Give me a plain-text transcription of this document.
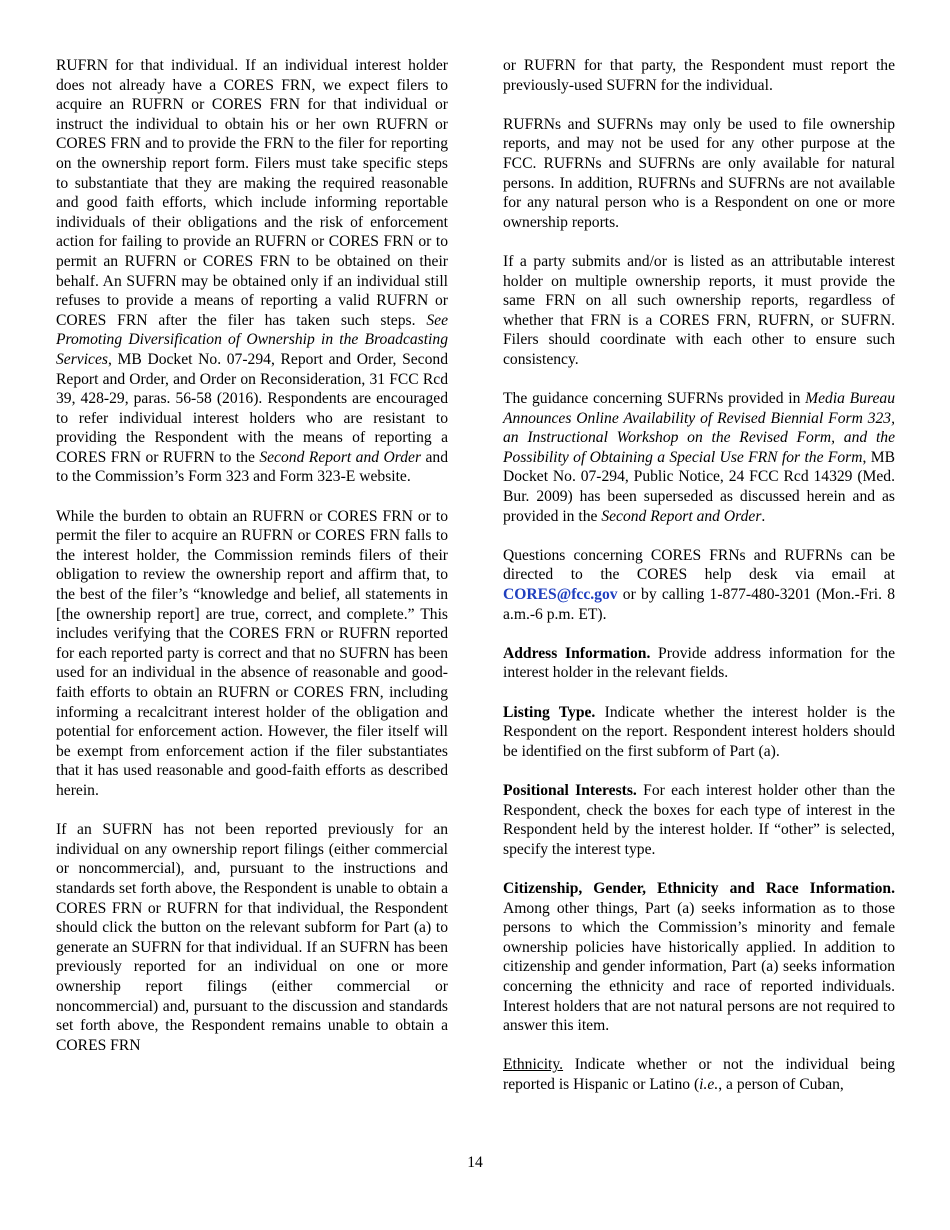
RUFRN for that individual. If an individual interest holder does not already have a CORES FRN, we expect filers to acquire an RUFRN or CORES FRN for that individual or instruct the individual to obtain his or her own RUFRN or CORES FRN and to provide the FRN to the filer for reporting on the ownership report form. Filers must take specific steps to substantiate that they are making the required reasonable and good faith efforts, which include informing reportable individuals of their obligations and the risk of enforcement action for failing to provide an RUFRN or CORES FRN or to permit an RUFRN or CORES FRN to be obtained on their behalf. An SUFRN may be obtained only if an individual still refuses to provide a means of reporting a valid RUFRN or CORES FRN after the filer has taken such steps. See Promoting Diversification of Ownership in the Broadcasting Services, MB Docket No. 07-294, Report and Order, Second Report and Order, and Order on Reconsideration, 31 FCC Rcd 39, 428-29, paras. 56-58 (2016). Respondents are encouraged to refer individual interest holders who are resistant to providing the Respondent with the means of reporting a CORES FRN or RUFRN to the Second Report and Order and to the Commission’s Form 323 and Form 323-E website.

While the burden to obtain an RUFRN or CORES FRN or to permit the filer to acquire an RUFRN or CORES FRN falls to the interest holder, the Commission reminds filers of their obligation to review the ownership report and affirm that, to the best of the filer’s “knowledge and belief, all statements in [the ownership report] are true, correct, and complete.” This includes verifying that the CORES FRN or RUFRN reported for each reported party is correct and that no SUFRN has been used for an individual in the absence of reasonable and good-faith efforts to obtain an RUFRN or CORES FRN, including informing a recalcitrant interest holder of the obligation and potential for enforcement action. However, the filer itself will be exempt from enforcement action if the filer substantiates that it has used reasonable and good-faith efforts as described herein.

If an SUFRN has not been reported previously for an individual on any ownership report filings (either commercial or noncommercial), and, pursuant to the instructions and standards set forth above, the Respondent is unable to obtain a CORES FRN or RUFRN for that individual, the Respondent should click the button on the relevant subform for Part (a) to generate an SUFRN for that individual. If an SUFRN has been previously reported for an individual on one or more ownership report filings (either commercial or noncommercial) and, pursuant to the discussion and standards set forth above, the Respondent remains unable to obtain a CORES FRN

or RUFRN for that party, the Respondent must report the previously-used SUFRN for the individual.

RUFRNs and SUFRNs may only be used to file ownership reports, and may not be used for any other purpose at the FCC. RUFRNs and SUFRNs are only available for natural persons. In addition, RUFRNs and SUFRNs are not available for any natural person who is a Respondent on one or more ownership reports.

If a party submits and/or is listed as an attributable interest holder on multiple ownership reports, it must provide the same FRN on all such ownership reports, regardless of whether that FRN is a CORES FRN, RUFRN, or SUFRN. Filers should coordinate with each other to ensure such consistency.

The guidance concerning SUFRNs provided in Media Bureau Announces Online Availability of Revised Biennial Form 323, an Instructional Workshop on the Revised Form, and the Possibility of Obtaining a Special Use FRN for the Form, MB Docket No. 07-294, Public Notice, 24 FCC Rcd 14329 (Med. Bur. 2009) has been superseded as discussed herein and as provided in the Second Report and Order.

Questions concerning CORES FRNs and RUFRNs can be directed to the CORES help desk via email at CORES@fcc.gov or by calling 1-877-480-3201 (Mon.-Fri. 8 a.m.-6 p.m. ET).

Address Information. Provide address information for the interest holder in the relevant fields.

Listing Type. Indicate whether the interest holder is the Respondent on the report. Respondent interest holders should be identified on the first subform of Part (a).

Positional Interests. For each interest holder other than the Respondent, check the boxes for each type of interest in the Respondent held by the interest holder. If “other” is selected, specify the interest type.

Citizenship, Gender, Ethnicity and Race Information. Among other things, Part (a) seeks information as to those persons to which the Commission’s minority and female ownership policies have historically applied. In addition to citizenship and gender information, Part (a) seeks information concerning the ethnicity and race of reported individuals. Interest holders that are not natural persons are not required to answer this item.

Ethnicity. Indicate whether or not the individual being reported is Hispanic or Latino (i.e., a person of Cuban,

14
